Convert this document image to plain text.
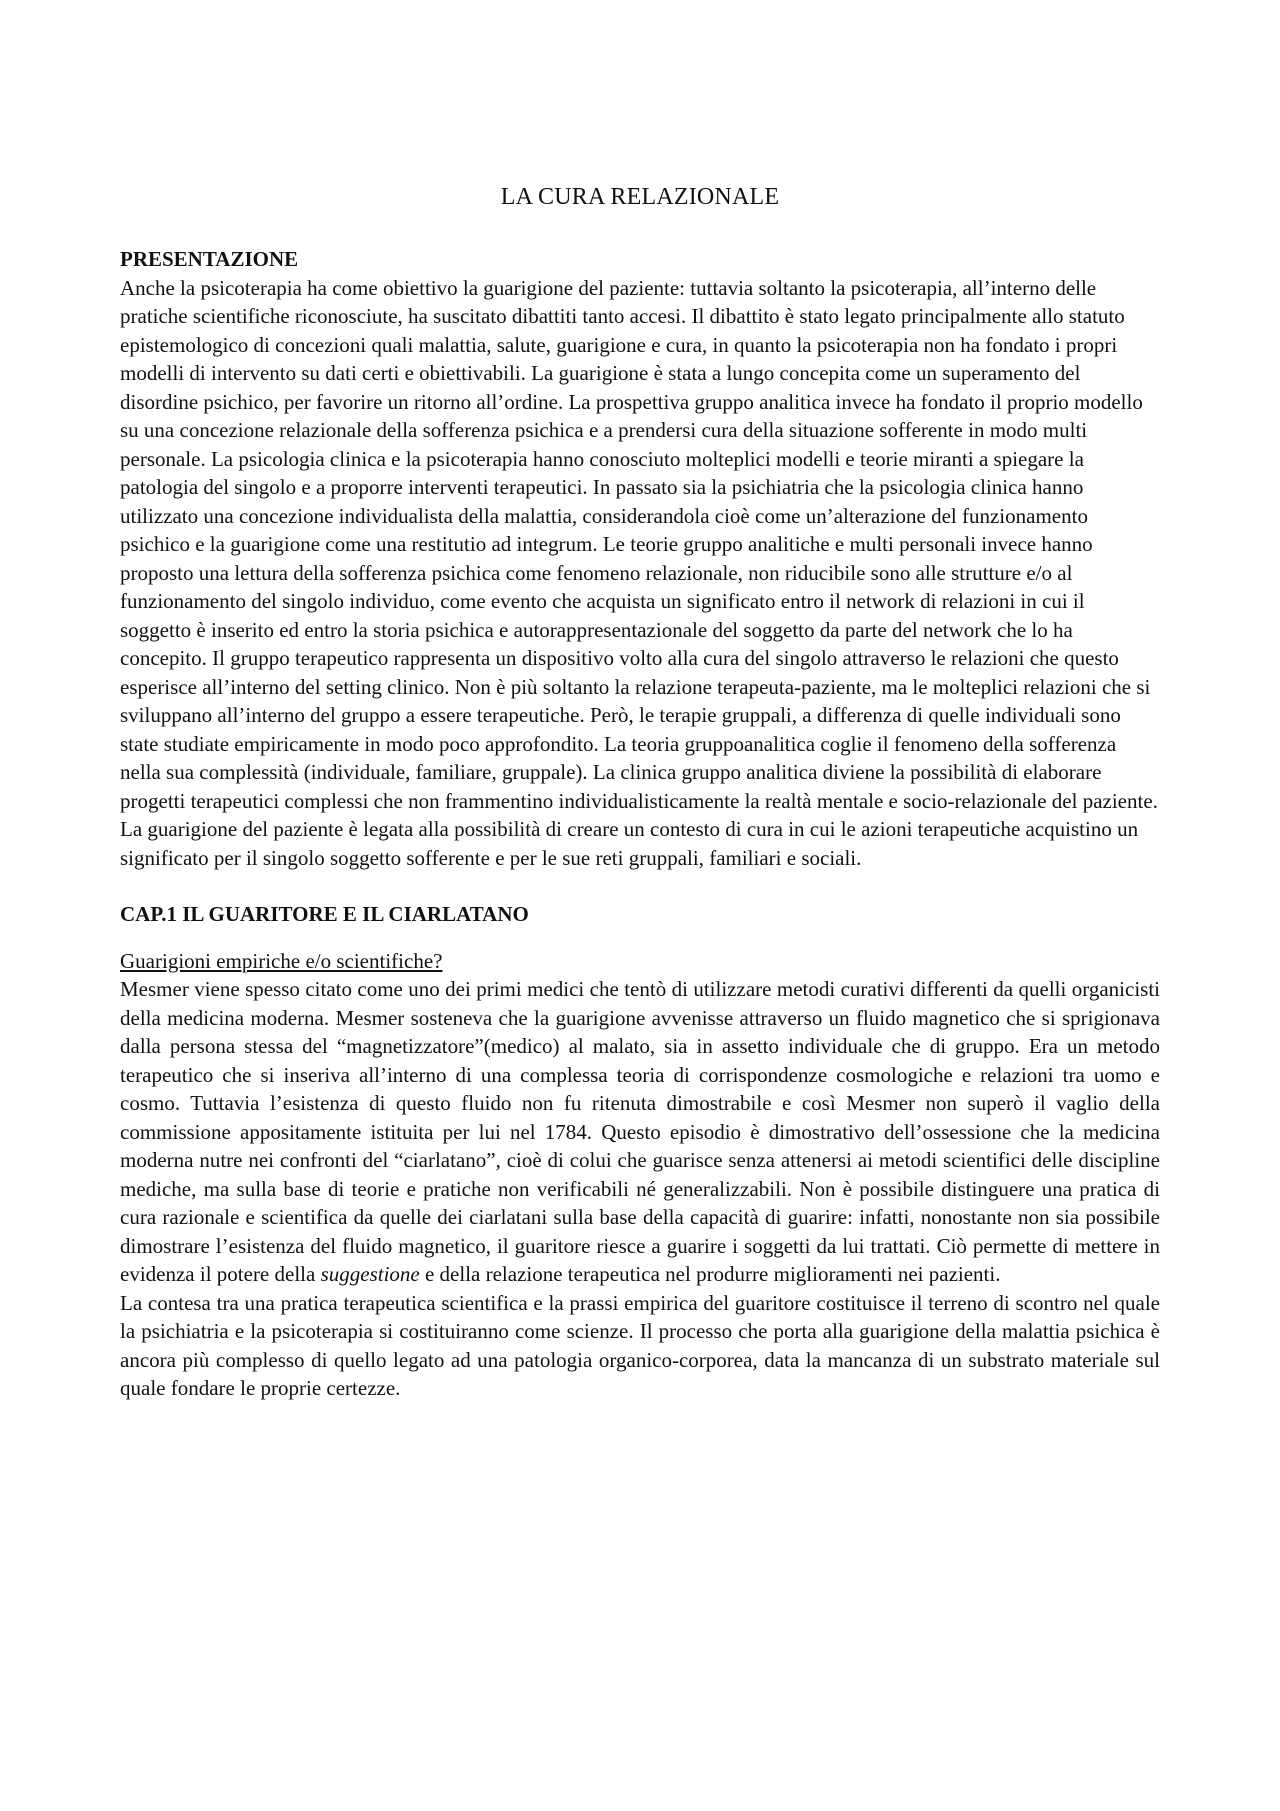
LA CURA RELAZIONALE
PRESENTAZIONE

Anche la psicoterapia ha come obiettivo la guarigione del paziente: tuttavia soltanto la psicoterapia, all’interno delle pratiche scientifiche riconosciute, ha suscitato dibattiti tanto accesi. Il dibattito è stato legato principalmente allo statuto epistemologico di concezioni quali malattia, salute, guarigione e cura, in quanto la psicoterapia non ha fondato i propri modelli di intervento su dati certi e obiettivabili. La guarigione è stata a lungo concepita come un superamento del disordine psichico, per favorire un ritorno all’ordine. La prospettiva gruppo analitica invece ha fondato il proprio modello su una concezione relazionale della sofferenza psichica e a prendersi cura della situazione sofferente in modo multi personale. La psicologia clinica e la psicoterapia hanno conosciuto molteplici modelli e teorie miranti a spiegare la patologia del singolo e a proporre interventi terapeutici. In passato sia la psichiatria che la psicologia clinica hanno utilizzato una concezione individualista della malattia, considerandola cioè come un’alterazione del funzionamento psichico e la guarigione come una restitutio ad integrum. Le teorie gruppo analitiche e multi personali invece hanno proposto una lettura della sofferenza psichica come fenomeno relazionale, non riducibile sono alle strutture e/o al funzionamento del singolo individuo, come evento che acquista un significato entro il network di relazioni in cui il soggetto è inserito ed entro la storia psichica e autorappresentazionale del soggetto da parte del network che lo ha concepito. Il gruppo terapeutico rappresenta un dispositivo volto alla cura del singolo attraverso le relazioni che questo esperisce all’interno del setting clinico. Non è più soltanto la relazione terapeuta-paziente, ma le molteplici relazioni che si sviluppano all’interno del gruppo a essere terapeutiche. Però, le terapie gruppali, a differenza di quelle individuali sono state studiate empiricamente in modo poco approfondito. La teoria gruppoanalitica coglie il fenomeno della sofferenza nella sua complessità (individuale, familiare, gruppale). La clinica gruppo analitica diviene la possibilità di elaborare progetti terapeutici complessi che non frammentino individualisticamente la realtà mentale e socio-relazionale del paziente. La guarigione del paziente è legata alla possibilità di creare un contesto di cura in cui le azioni terapeutiche acquistino un significato per il singolo soggetto sofferente e per le sue reti gruppali, familiari e sociali.

CAP.1 IL GUARITORE E IL CIARLATANO
Guarigioni empiriche e/o scientifiche?

Mesmer viene spesso citato come uno dei primi medici che tentò di utilizzare metodi curativi differenti da quelli organicisti della medicina moderna. Mesmer sosteneva che la guarigione avvenisse attraverso un fluido magnetico che si sprigionava dalla persona stessa del “magnetizzatore”(medico) al malato, sia in assetto individuale che di gruppo. Era un metodo terapeutico che si inseriva all’interno di una complessa teoria di corrispondenze cosmologiche e relazioni tra uomo e cosmo. Tuttavia l’esistenza di questo fluido non fu ritenuta dimostrabile e così Mesmer non superò il vaglio della commissione appositamente istituita per lui nel 1784. Questo episodio è dimostrativo dell’ossessione che la medicina moderna nutre nei confronti del “ciarlatano”, cioè di colui che guarisce senza attenersi ai metodi scientifici delle discipline mediche, ma sulla base di teorie e pratiche non verificabili né generalizzabili. Non è possibile distinguere una pratica di cura razionale e scientifica da quelle dei ciarlatani sulla base della capacità di guarire: infatti, nonostante non sia possibile dimostrare l’esistenza del fluido magnetico, il guaritore riesce a guarire i soggetti da lui trattati. Ciò permette di mettere in evidenza il potere della suggestione e della relazione terapeutica nel produrre miglioramenti nei pazienti.

La contesa tra una pratica terapeutica scientifica e la prassi empirica del guaritore costituisce il terreno di scontro nel quale la psichiatria e la psicoterapia si costituiranno come scienze. Il processo che porta alla guarigione della malattia psichica è ancora più complesso di quello legato ad una patologia organico-corporea, data la mancanza di un substrato materiale sul quale fondare le proprie certezze.
